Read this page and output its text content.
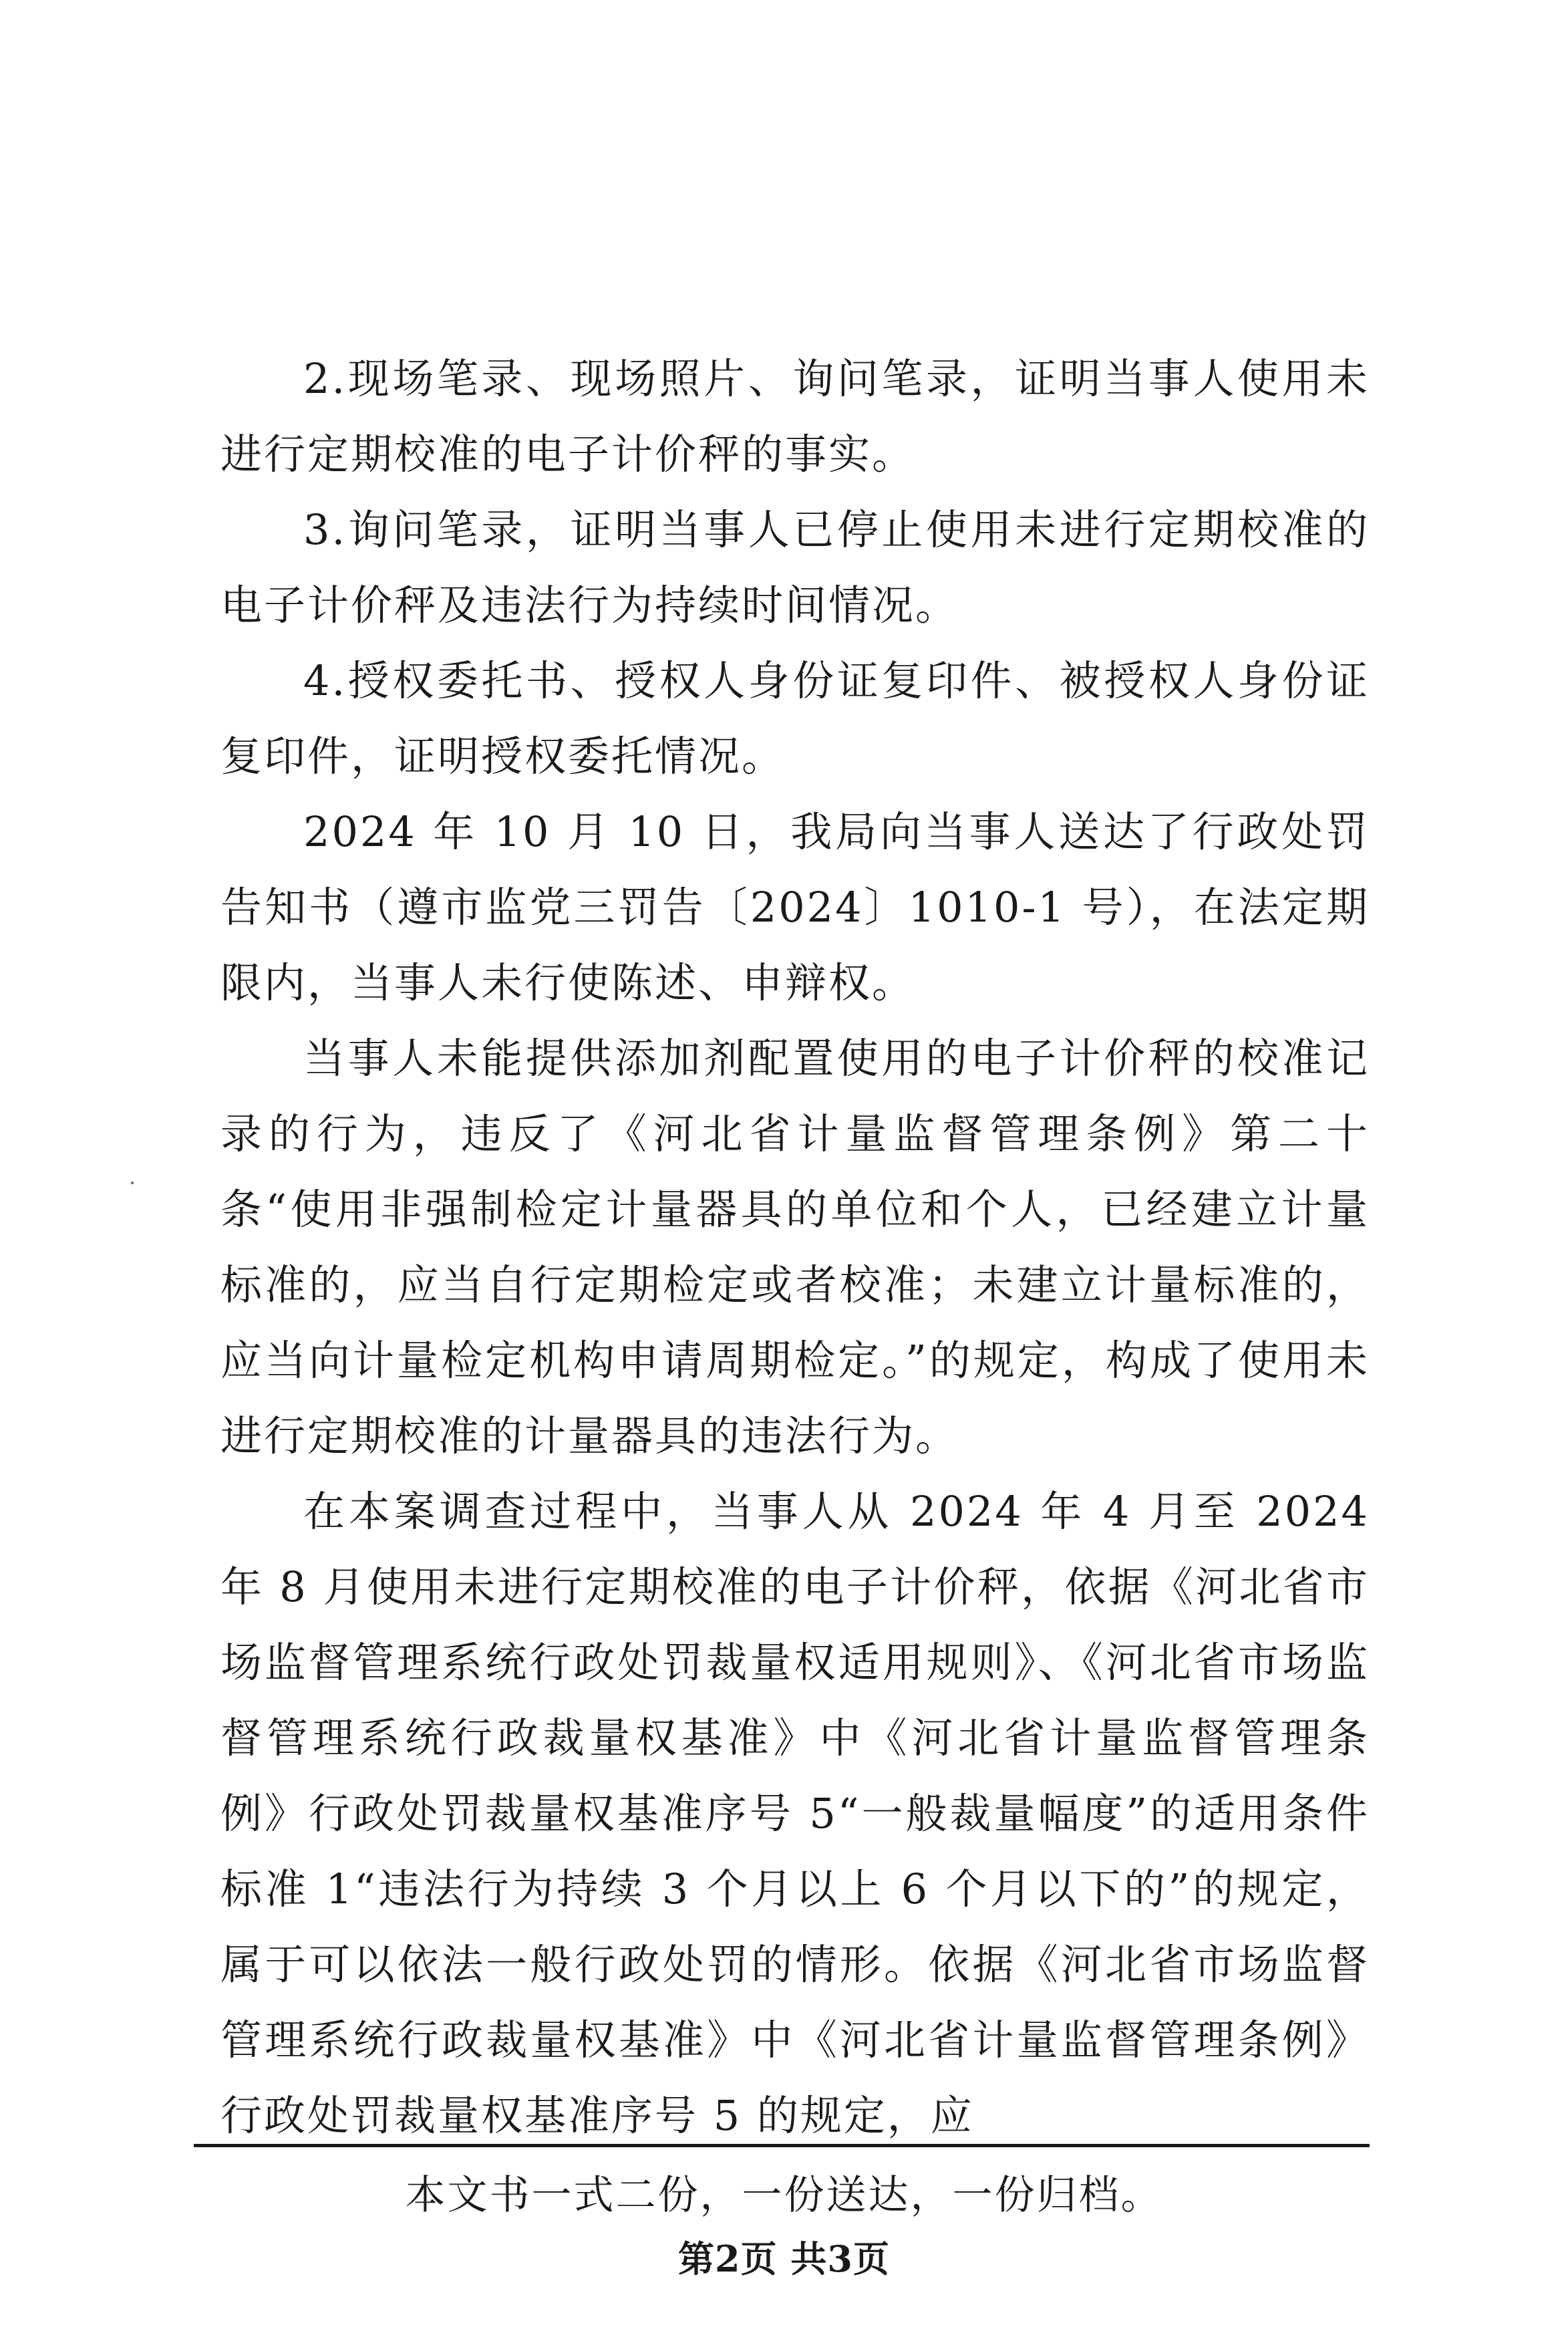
2.现场笔录、现场照片、询问笔录，证明当事人使用未进行定期校准的电子计价秤的事实。

3.询问笔录，证明当事人已停止使用未进行定期校准的电子计价秤及违法行为持续时间情况。

4.授权委托书、授权人身份证复印件、被授权人身份证复印件，证明授权委托情况。

2024 年 10 月 10 日，我局向当事人送达了行政处罚告知书（遵市监党三罚告〔2024〕1010-1 号），在法定期限内，当事人未行使陈述、申辩权。

当事人未能提供添加剂配置使用的电子计价秤的校准记录的行为，违反了《河北省计量监督管理条例》第二十条“使用非强制检定计量器具的单位和个人，已经建立计量标准的，应当自行定期检定或者校准；未建立计量标准的，应当向计量检定机构申请周期检定。”的规定，构成了使用未进行定期校准的计量器具的违法行为。

在本案调查过程中，当事人从 2024 年 4 月至 2024 年 8 月使用未进行定期校准的电子计价秤，依据《河北省市场监督管理系统行政处罚裁量权适用规则》、《河北省市场监督管理系统行政裁量权基准》中《河北省计量监督管理条例》行政处罚裁量权基准序号 5“一般裁量幅度”的适用条件标准 1“违法行为持续 3 个月以上 6 个月以下的”的规定，属于可以依法一般行政处罚的情形。依据《河北省市场监督管理系统行政裁量权基准》中《河北省计量监督管理条例》行政处罚裁量权基准序号 5 的规定，应

本文书一式二份，一份送达，一份归档。
第2页 共3页
